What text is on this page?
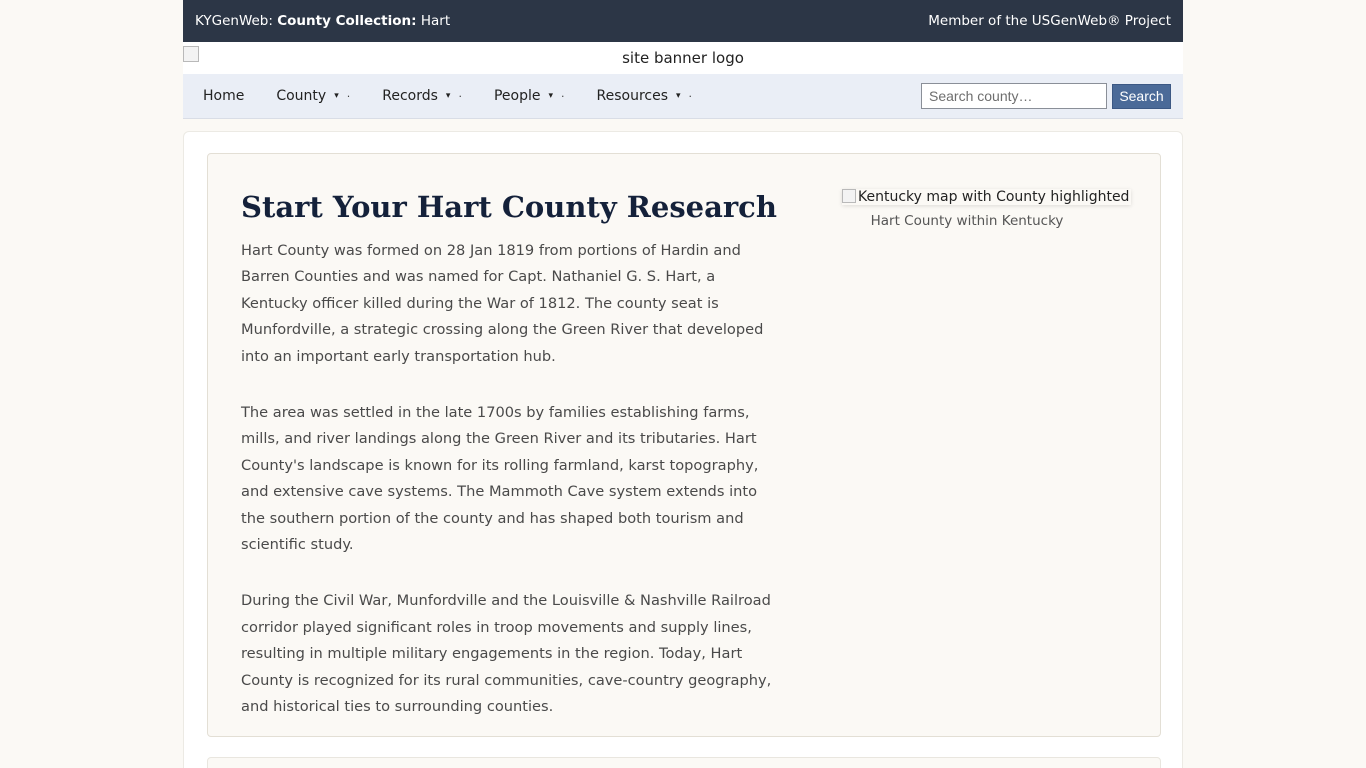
KYGenWeb: County Collection: Hart	Member of the USGenWeb® Project
site banner logo
Home County ▾ · Records ▾ · People ▾ · Resources ▾ ·
Search county…	Search
Start Your Hart County Research

Hart County was formed on 28 Jan 1819 from portions of Hardin and Barren Counties and was named for Capt. Nathaniel G. S. Hart, a Kentucky officer killed during the War of 1812. The county seat is Munfordville, a strategic crossing along the Green River that developed into an important early transportation hub.

The area was settled in the late 1700s by families establishing farms, mills, and river landings along the Green River and its tributaries. Hart County's landscape is known for its rolling farmland, karst topography, and extensive cave systems. The Mammoth Cave system extends into the southern portion of the county and has shaped both tourism and scientific study.

During the Civil War, Munfordville and the Louisville & Nashville Railroad corridor played significant roles in troop movements and supply lines, resulting in multiple military engagements in the region. Today, Hart County is recognized for its rural communities, cave-country geography, and historical ties to surrounding counties.

Kentucky map with County highlighted
Hart County within Kentucky
